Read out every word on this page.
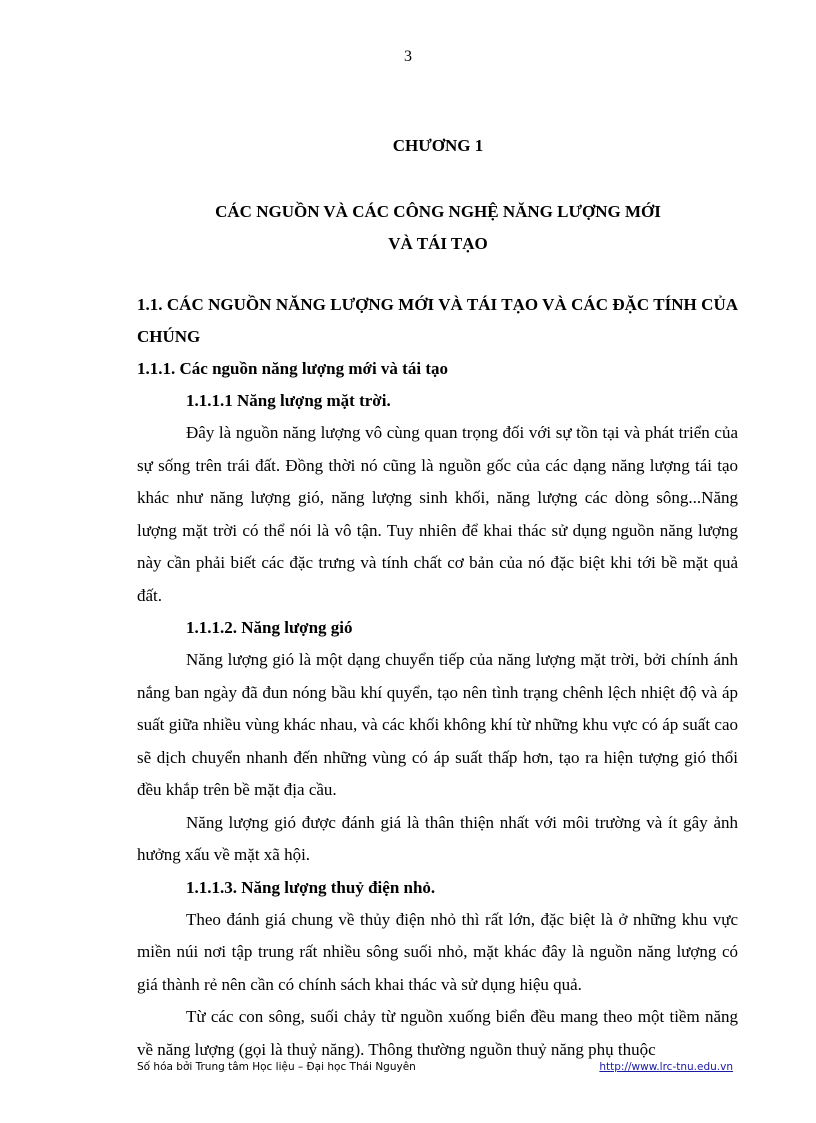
3
CHƯƠNG 1
CÁC NGUỒN VÀ CÁC CÔNG NGHỆ NĂNG LƯỢNG MỚI
VÀ TÁI TẠO

1.1. CÁC NGUỒN NĂNG LƯỢNG MỚI VÀ TÁI TẠO VÀ CÁC ĐẶC TÍNH CỦA CHÚNG

1.1.1. Các nguồn năng lượng mới và tái tạo

1.1.1.1 Năng lượng mặt trời.

Đây là nguồn năng lượng vô cùng quan trọng đối với sự tồn tại và phát triển của sự sống trên trái đất. Đồng thời nó cũng là nguồn gốc của các dạng năng lượng tái tạo khác như năng lượng gió, năng lượng sinh khối, năng lượng các dòng sông...Năng lượng mặt trời có thể nói là vô tận. Tuy nhiên để khai thác sử dụng nguồn năng lượng này cần phải biết các đặc trưng và tính chất cơ bản của nó đặc biệt khi tới bề mặt quả đất.

1.1.1.2. Năng lượng gió

Năng lượng gió là một dạng chuyển tiếp của năng lượng mặt trời, bởi chính ánh nắng ban ngày đã đun nóng bầu khí quyển, tạo nên tình trạng chênh lệch nhiệt độ và áp suất giữa nhiều vùng khác nhau, và các khối không khí từ những khu vực có áp suất cao sẽ dịch chuyển nhanh đến những vùng có áp suất thấp hơn, tạo ra hiện tượng gió thổi đều khắp trên bề mặt địa cầu.

Năng lượng gió được đánh giá là thân thiện nhất với môi trường và ít gây ảnh hưởng xấu về mặt xã hội.

1.1.1.3. Năng lượng thuỷ điện nhỏ.

Theo đánh giá chung về thủy điện nhỏ thì rất lớn, đặc biệt là ở những khu vực miền núi nơi tập trung rất nhiều sông suối nhỏ, mặt khác đây là nguồn năng lượng có giá thành rẻ nên cần có chính sách khai thác và sử dụng hiệu quả.

Từ các con sông, suối chảy từ nguồn xuống biển đều mang theo một tiềm năng về năng lượng (gọi là thuỷ năng). Thông thường nguồn thuỷ năng phụ thuộc

Số hóa bởi Trung tâm Học liệu – Đại học Thái Nguyên	http://www.lrc-tnu.edu.vn
